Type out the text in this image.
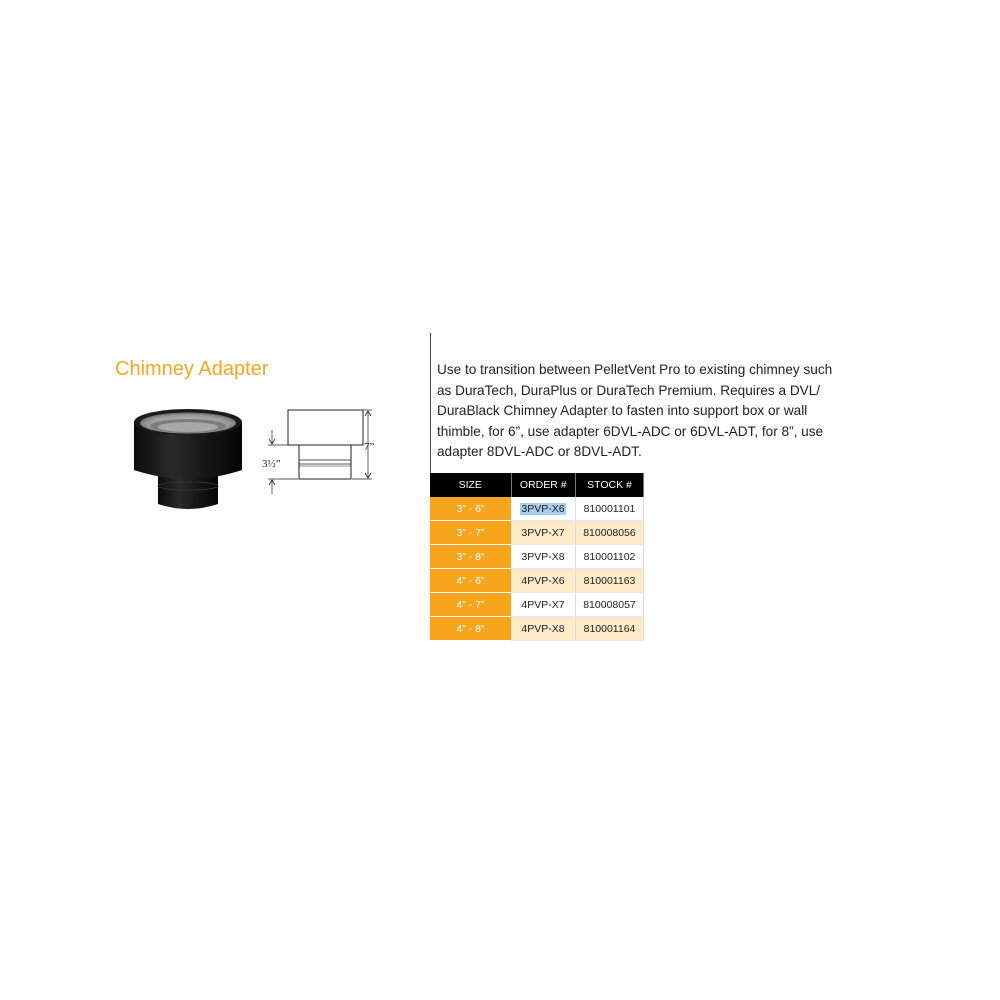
Chimney Adapter
7”
3½”
Use to transition between PelletVent Pro to existing chimney such
as DuraTech, DuraPlus or DuraTech Premium. Requires a DVL/
DuraBlack Chimney Adapter to fasten into support box or wall
thimble, for 6”, use adapter 6DVL-ADC or 6DVL-ADT, for 8”, use
adapter 8DVL-ADC or 8DVL-ADT.
SIZE	ORDER #	STOCK #
3” - 6”	3PVP-X6	810001101
3” - 7”	3PVP-X7	810008056
3” - 8”	3PVP-X8	810001102
4” - 6”	4PVP-X6	810001163
4” - 7”	4PVP-X7	810008057
4” - 8”	4PVP-X8	810001164
